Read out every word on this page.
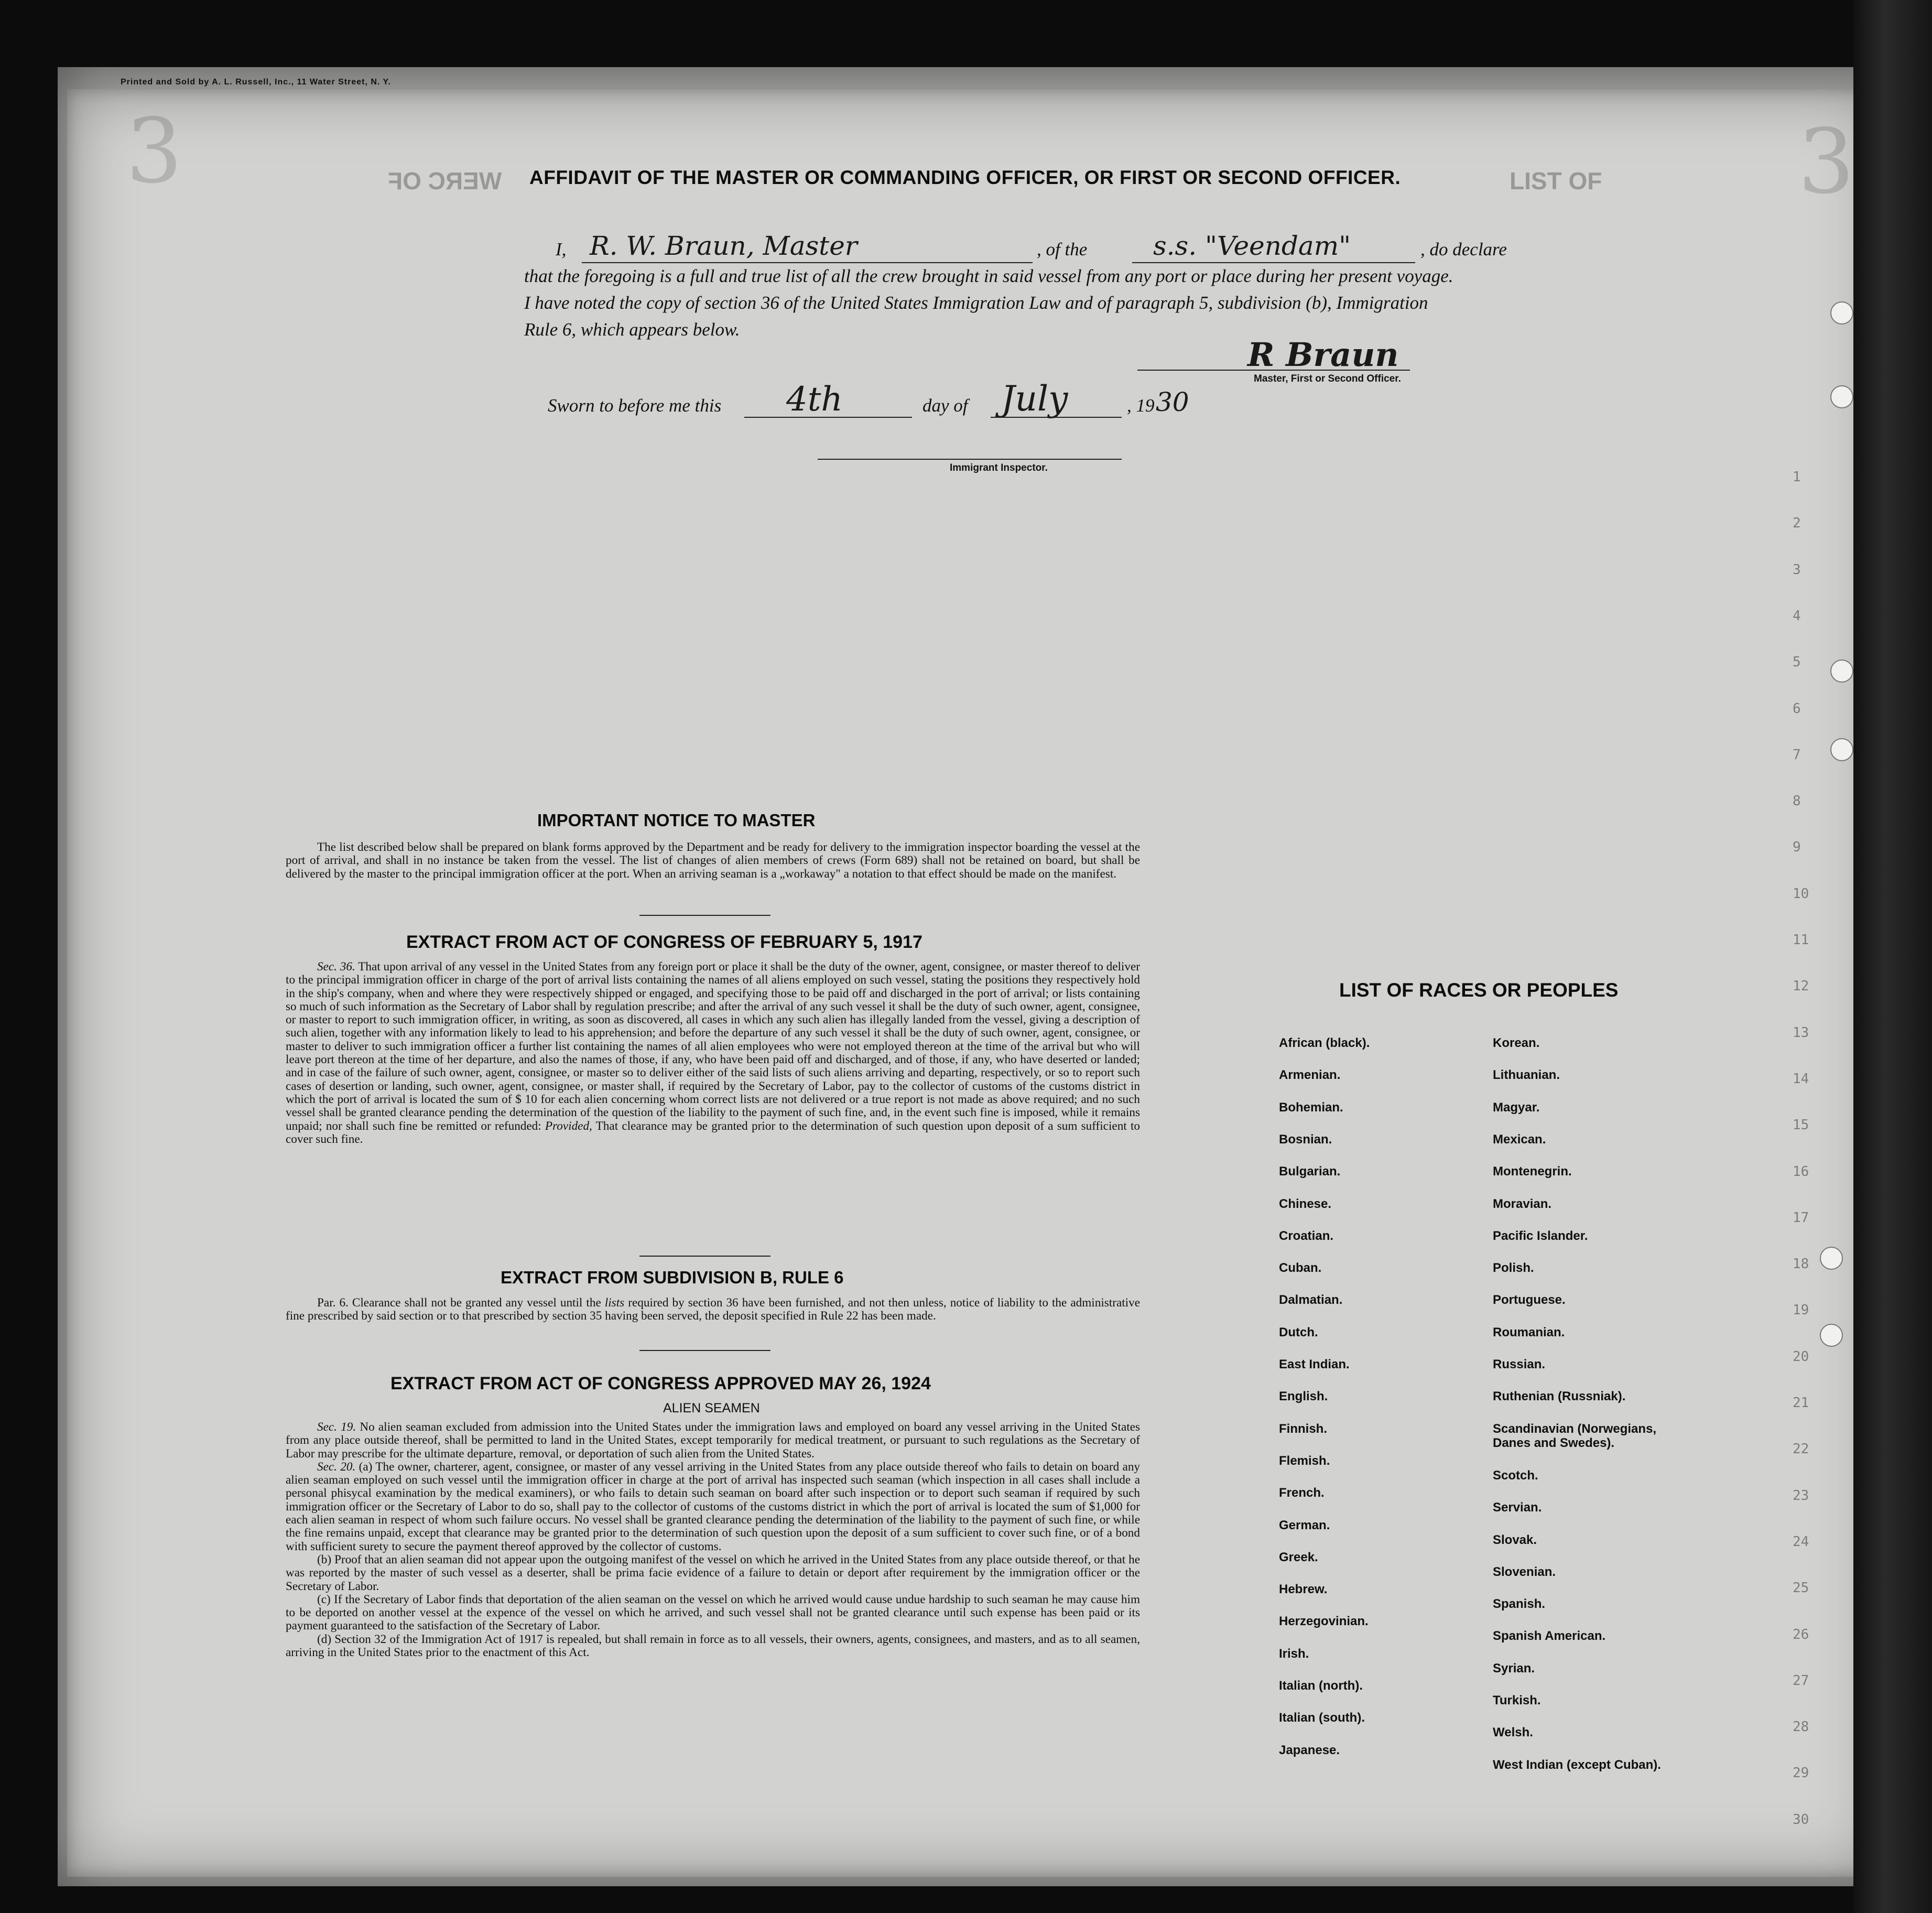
Printed and Sold by A. L. Russell, Inc., 11 Water Street, N. Y.
WERC OF	LIST OF
3	3
1
2
3
4
5
6
7
8
9
10
11
12
13
14
15
16
17
18
19
20
21
22
23
24
25
26
27
28
29
30
AFFIDAVIT OF THE MASTER OR COMMANDING OFFICER, OR FIRST OR SECOND OFFICER.
I, R. W. Braun, Master	, of the	s.s. "Veendam"	, do declare
that the foregoing is a full and true list of all the crew brought in said vessel from any port or place during her present voyage.
I have noted the copy of section 36 of the United States Immigration Law and of paragraph 5, subdivision (b), Immigration
Rule 6, which appears below.
R Braun
Master, First or Second Officer.
Sworn to before me this 4th	day of July	, 19 30
Immigrant Inspector.
IMPORTANT NOTICE TO MASTER

The list described below shall be prepared on blank forms approved by the Department and be ready for delivery to the immigration inspector boarding the vessel at the port of arrival, and shall in no instance be taken from the vessel. The list of changes of alien members of crews (Form 689) shall not be retained on board, but shall be delivered by the master to the principal immigration officer at the port. When an arriving seaman is a „workaway" a notation to that effect should be made on the manifest.

EXTRACT FROM ACT OF CONGRESS OF FEBRUARY 5, 1917

Sec. 36. That upon arrival of any vessel in the United States from any foreign port or place it shall be the duty of the owner, agent, consignee, or master thereof to deliver to the principal immigration officer in charge of the port of arrival lists containing the names of all aliens employed on such vessel, stating the positions they respectively hold in the ship's company, when and where they were respectively shipped or engaged, and specifying those to be paid off and discharged in the port of arrival; or lists containing so much of such information as the Secretary of Labor shall by regulation prescribe; and after the arrival of any such vessel it shall be the duty of such owner, agent, consignee, or master to report to such immigration officer, in writing, as soon as discovered, all cases in which any such alien has illegally landed from the vessel, giving a description of such alien, together with any information likely to lead to his apprehension; and before the departure of any such vessel it shall be the duty of such owner, agent, consignee, or master to deliver to such immigration officer a further list containing the names of all alien employees who were not employed thereon at the time of the arrival but who will leave port thereon at the time of her departure, and also the names of those, if any, who have been paid off and discharged, and of those, if any, who have deserted or landed; and in case of the failure of such owner, agent, consignee, or master so to deliver either of the said lists of such aliens arriving and departing, respectively, or so to report such cases of desertion or landing, such owner, agent, consignee, or master shall, if required by the Secretary of Labor, pay to the collector of customs of the customs district in which the port of arrival is located the sum of $ 10 for each alien concerning whom correct lists are not delivered or a true report is not made as above required; and no such vessel shall be granted clearance pending the determination of the question of the liability to the payment of such fine, and, in the event such fine is imposed, while it remains unpaid; nor shall such fine be remitted or refunded: Provided, That clearance may be granted prior to the determination of such question upon deposit of a sum sufficient to cover such fine.

EXTRACT FROM SUBDIVISION B, RULE 6

Par. 6. Clearance shall not be granted any vessel until the lists required by section 36 have been furnished, and not then unless, notice of liability to the administrative fine prescribed by said section or to that prescribed by section 35 having been served, the deposit specified in Rule 22 has been made.

EXTRACT FROM ACT OF CONGRESS APPROVED MAY 26, 1924
ALIEN SEAMEN

Sec. 19. No alien seaman excluded from admission into the United States under the immigration laws and employed on board any vessel arriving in the United States from any place outside thereof, shall be permitted to land in the United States, except temporarily for medical treatment, or pursuant to such regulations as the Secretary of Labor may prescribe for the ultimate departure, removal, or deportation of such alien from the United States.

Sec. 20. (a) The owner, charterer, agent, consignee, or master of any vessel arriving in the United States from any place outside thereof who fails to detain on board any alien seaman employed on such vessel until the immigration officer in charge at the port of arrival has inspected such seaman (which inspection in all cases shall include a personal phisycal examination by the medical examiners), or who fails to detain such seaman on board after such inspection or to deport such seaman if required by such immigration officer or the Secretary of Labor to do so, shall pay to the collector of customs of the customs district in which the port of arrival is located the sum of $1,000 for each alien seaman in respect of whom such failure occurs. No vessel shall be granted clearance pending the determination of the liability to the payment of such fine, or while the fine remains unpaid, except that clearance may be granted prior to the determination of such question upon the deposit of a sum sufficient to cover such fine, or of a bond with sufficient surety to secure the payment thereof approved by the collector of customs.

(b) Proof that an alien seaman did not appear upon the outgoing manifest of the vessel on which he arrived in the United States from any place outside thereof, or that he was reported by the master of such vessel as a deserter, shall be prima facie evidence of a failure to detain or deport after requirement by the immigration officer or the Secretary of Labor.

(c) If the Secretary of Labor finds that deportation of the alien seaman on the vessel on which he arrived would cause undue hardship to such seaman he may cause him to be deported on another vessel at the expence of the vessel on which he arrived, and such vessel shall not be granted clearance until such expense has been paid or its payment guaranteed to the satisfaction of the Secretary of Labor.

(d) Section 32 of the Immigration Act of 1917 is repealed, but shall remain in force as to all vessels, their owners, agents, consignees, and masters, and as to all seamen, arriving in the United States prior to the enactment of this Act.

LIST OF RACES OR PEOPLES
African (black).
Armenian.
Bohemian.
Bosnian.
Bulgarian.
Chinese.
Croatian.
Cuban.
Dalmatian.
Dutch.
East Indian.
English.
Finnish.
Flemish.
French.
German.
Greek.
Hebrew.
Herzegovinian.
Irish.
Italian (north).
Italian (south).
Japanese.
Korean.
Lithuanian.
Magyar.
Mexican.
Montenegrin.
Moravian.
Pacific Islander.
Polish.
Portuguese.
Roumanian.
Russian.
Ruthenian (Russniak).
Scandinavian (Norwegians, Danes and Swedes).
Scotch.
Servian.
Slovak.
Slovenian.
Spanish.
Spanish American.
Syrian.
Turkish.
Welsh.
West Indian (except Cuban).
